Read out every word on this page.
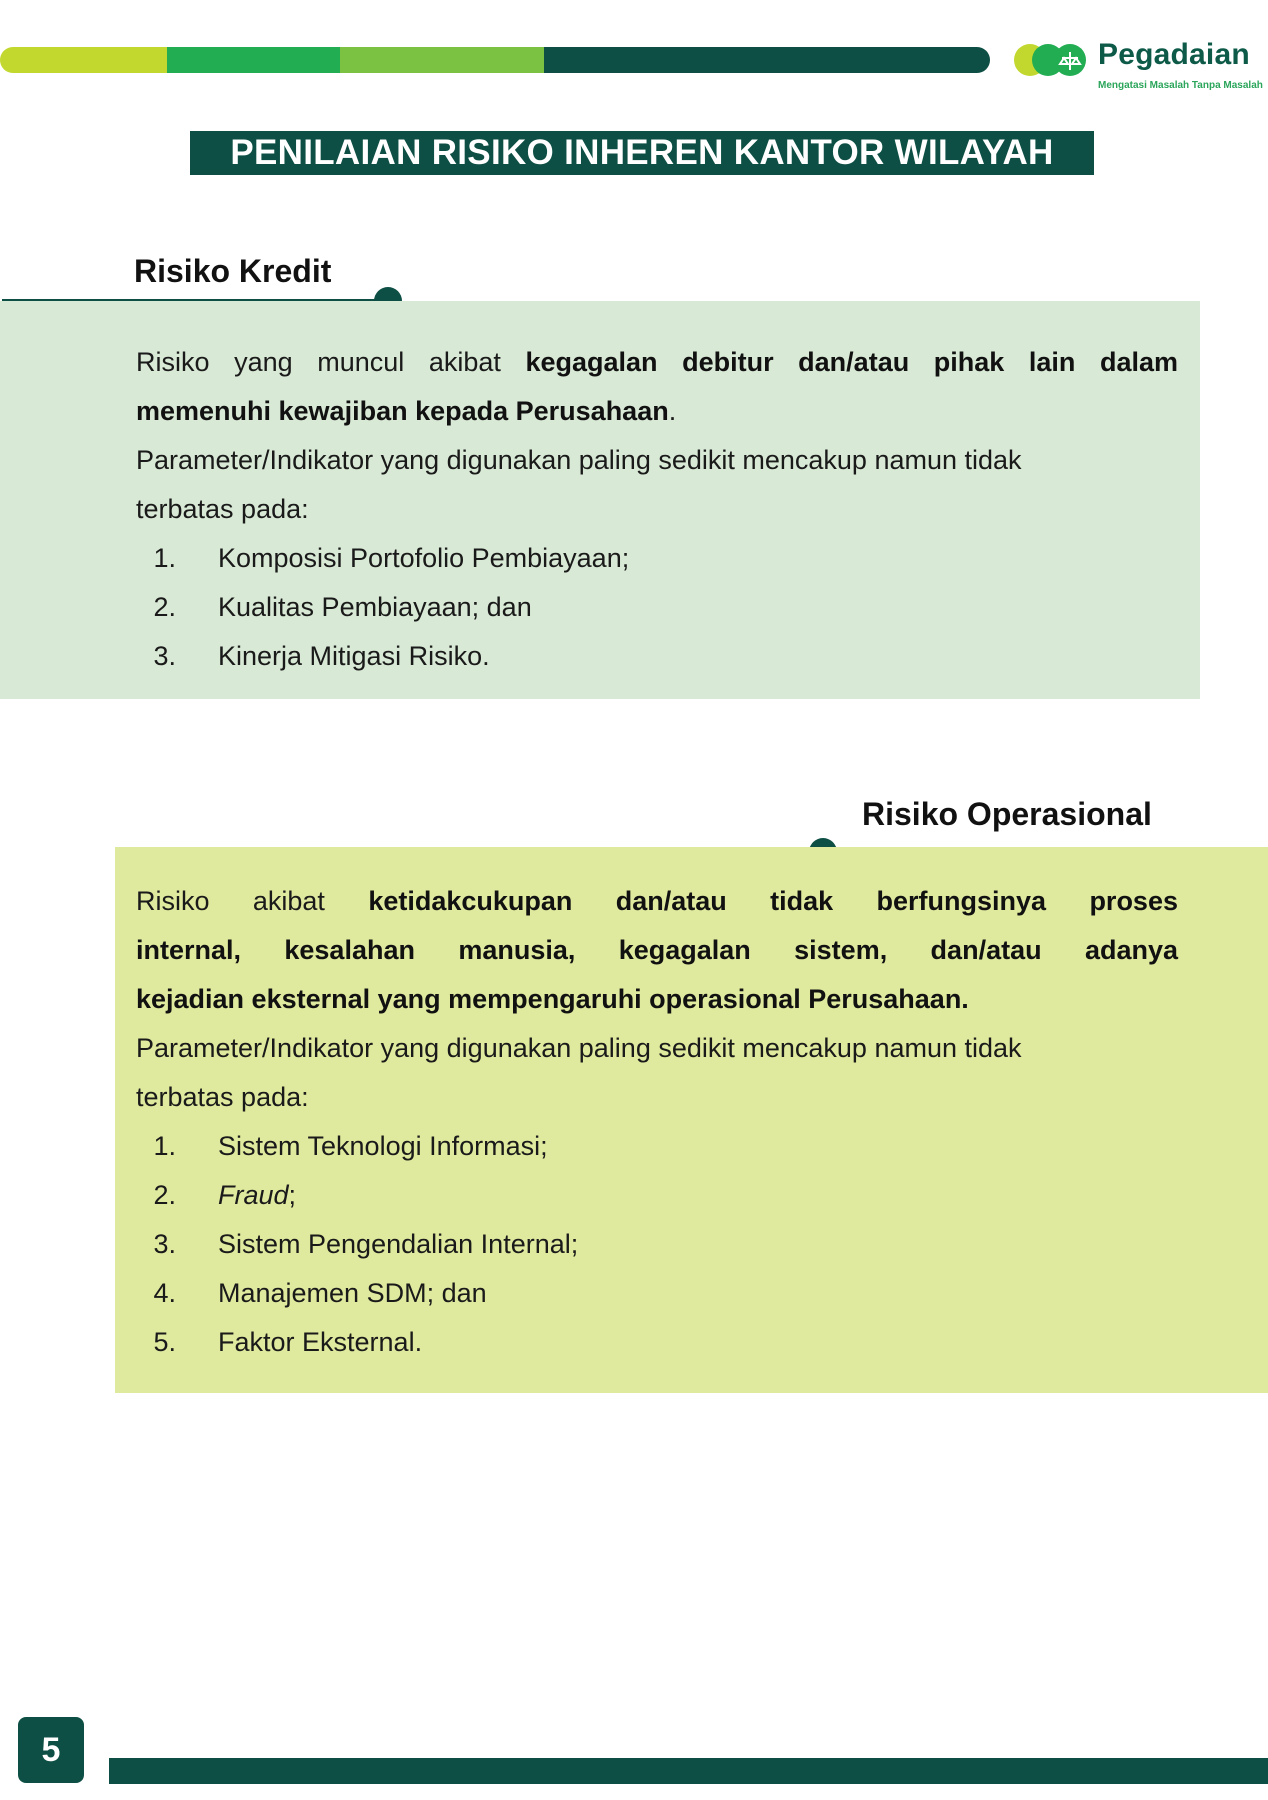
Pegadaian
Mengatasi Masalah Tanpa Masalah
PENILAIAN RISIKO INHEREN KANTOR WILAYAH
Risiko Kredit
Risiko yang muncul akibat kegagalan debitur dan/atau pihak lain dalam
memenuhi kewajiban kepada Perusahaan.
Parameter/Indikator yang digunakan paling sedikit mencakup namun tidak
terbatas pada:
1. Komposisi Portofolio Pembiayaan;
2. Kualitas Pembiayaan; dan
3. Kinerja Mitigasi Risiko.
Risiko Operasional
Risiko akibat ketidakcukupan dan/atau tidak berfungsinya proses
internal, kesalahan manusia, kegagalan sistem, dan/atau adanya
kejadian eksternal yang mempengaruhi operasional Perusahaan.
Parameter/Indikator yang digunakan paling sedikit mencakup namun tidak
terbatas pada:
1. Sistem Teknologi Informasi;
2. Fraud;
3. Sistem Pengendalian Internal;
4. Manajemen SDM; dan
5. Faktor Eksternal.
5
